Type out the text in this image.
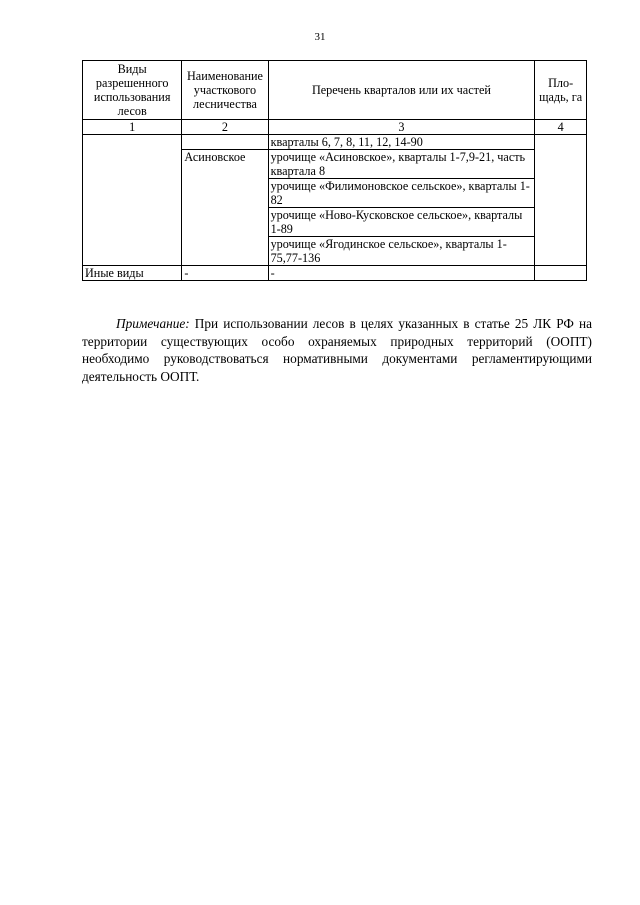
31
Виды разрешенного использования лесов	Наименование участкового лесничества	Перечень кварталов или их частей	Пло-щадь, га
1	2	3	4
		кварталы 6, 7, 8, 11, 12, 14-90	
	Асиновское	урочище «Асиновское», кварталы 1-7,9-21, часть квартала 8	
		урочище «Филимоновское сельское», кварталы 1-82	
		урочище «Ново-Кусковское сельское», кварталы 1-89	
		урочище «Ягодинское сельское», кварталы 1-75,77-136	
Иные виды	-	-	

Примечание: При использовании лесов в целях указанных в статье 25 ЛК РФ на территории существующих особо охраняемых природных территорий (ООПТ) необходимо руководствоваться нормативными документами регламентирующими деятельность ООПТ.
